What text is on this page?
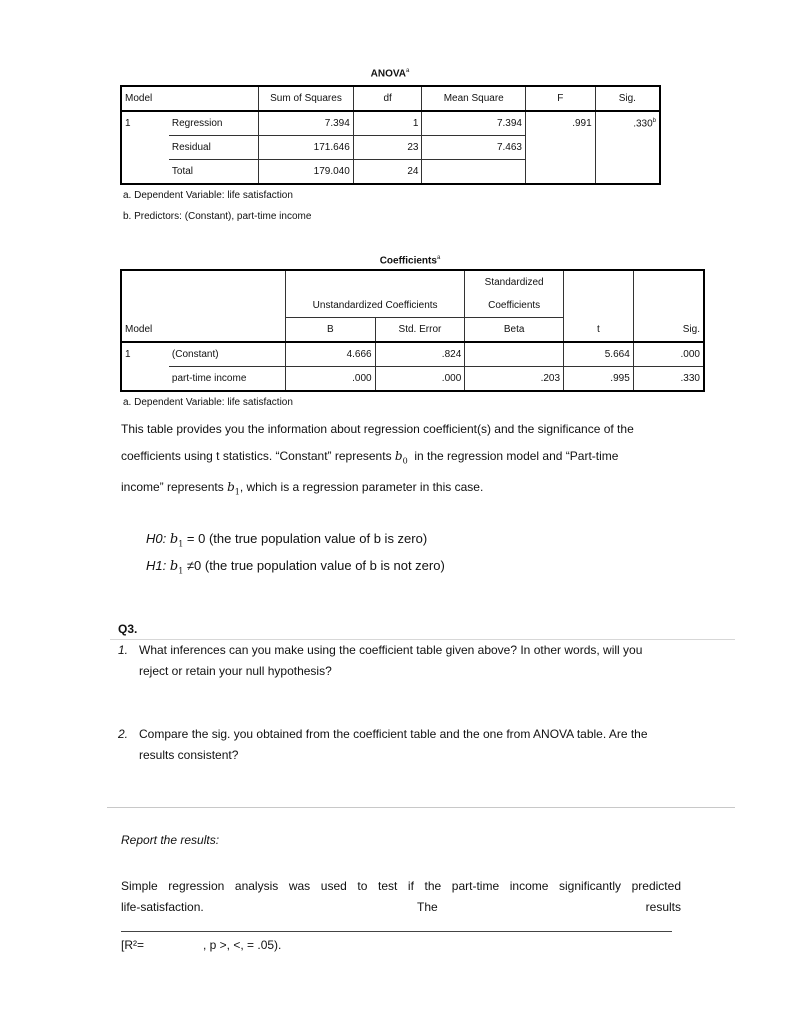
ANOVA$^a$
Model		Sum of Squares	df	Mean Square	F	Sig.
1	Regression	7.394	1	7.394	.991	.330$^b$
	Residual	171.646	23	7.463		
	Total	179.040	24			
a. Dependent Variable: life satisfaction
b. Predictors: (Constant), part-time income
Coefficients$^a$
				Standardized		
		Unstandardized Coefficients		Coefficients		
Model		B	Std. Error	Beta	t	Sig.
1	(Constant)	4.666	.824		5.664	.000
	part-time income	.000	.000	.203	.995	.330
a. Dependent Variable: life satisfaction
This table provides you the information about regression coefficient(s) and the significance of the
coefficients using t statistics. “Constant” represents $b_0$ in the regression model and “Part-time
income” represents $b_1$, which is a regression parameter in this case.
H0: $b_1 = 0$ (the true population value of b is zero)
H1: $b_1 \ne 0$ (the true population value of b is not zero)
Q3.
1. What inferences can you make using the coefficient table given above? In other words, will you
reject or retain your null hypothesis?
2. Compare the sig. you obtained from the coefficient table and the one from ANOVA table. Are the
results consistent?
Report the results:
Simple regression analysis was used to test if the part-time income significantly predicted
life-satisfaction.	The	results
[R²=	, p >, <, = .05).
